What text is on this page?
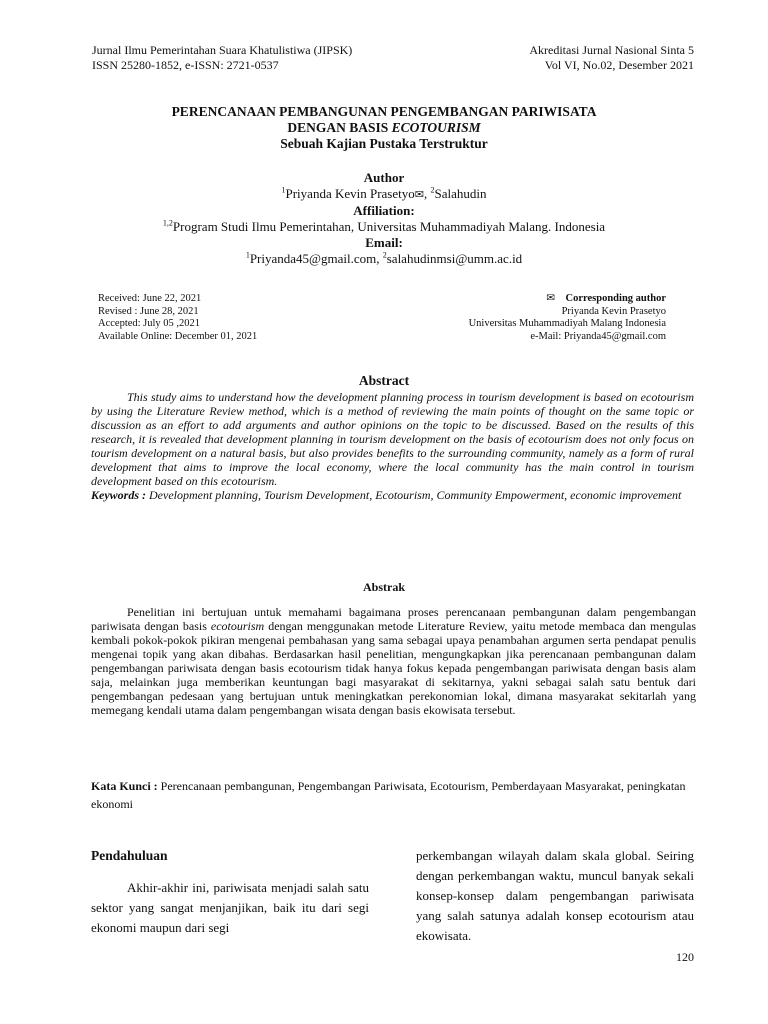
Jurnal Ilmu Pemerintahan Suara Khatulistiwa (JIPSK)
ISSN 25280-1852, e-ISSN: 2721-0537
Akreditasi Jurnal Nasional Sinta 5
Vol VI, No.02, Desember 2021
PERENCANAAN PEMBANGUNAN PENGEMBANGAN PARIWISATA
DENGAN BASIS ECOTOURISM
Sebuah Kajian Pustaka Terstruktur
Author
$^1$Priyanda Kevin Prasetyo✉, $^2$Salahudin
Affiliation:
$^{1,2}$Program Studi Ilmu Pemerintahan, Universitas Muhammadiyah Malang. Indonesia
Email:
$^1$Priyanda45@gmail.com, $^2$salahudinmsi@umm.ac.id
Received: June 22, 2021
Revised : June 28, 2021
Accepted: July 05 ,2021
Available Online: December 01, 2021
✉ Corresponding author
Priyanda Kevin Prasetyo
Universitas Muhammadiyah Malang Indonesia
e-Mail: Priyanda45@gmail.com
Abstract

This study aims to understand how the development planning process in tourism development is based on ecotourism by using the Literature Review method, which is a method of reviewing the main points of thought on the same topic or discussion as an effort to add arguments and author opinions on the topic to be discussed. Based on the results of this research, it is revealed that development planning in tourism development on the basis of ecotourism does not only focus on tourism development on a natural basis, but also provides benefits to the surrounding community, namely as a form of rural development that aims to improve the local economy, where the local community has the main control in tourism development based on this ecotourism.

Keywords : Development planning, Tourism Development, Ecotourism, Community Empowerment, economic improvement
Abstrak

Penelitian ini bertujuan untuk memahami bagaimana proses perencanaan pembangunan dalam pengembangan pariwisata dengan basis ecotourism dengan menggunakan metode Literature Review, yaitu metode membaca dan mengulas kembali pokok-pokok pikiran mengenai pembahasan yang sama sebagai upaya penambahan argumen serta pendapat penulis mengenai topik yang akan dibahas. Berdasarkan hasil penelitian, mengungkapkan jika perencanaan pembangunan dalam pengembangan pariwisata dengan basis ecotourism tidak hanya fokus kepada pengembangan pariwisata dengan basis alam saja, melainkan juga memberikan keuntungan bagi masyarakat di sekitarnya, yakni sebagai salah satu bentuk dari pengembangan pedesaan yang bertujuan untuk meningkatkan perekonomian lokal, dimana masyarakat sekitarlah yang memegang kendali utama dalam pengembangan wisata dengan basis ekowisata tersebut.

Kata Kunci : Perencanaan pembangunan, Pengembangan Pariwisata, Ecotourism, Pemberdayaan Masyarakat, peningkatan ekonomi
Pendahuluan

Akhir-akhir ini, pariwisata menjadi salah satu sektor yang sangat menjanjikan, baik itu dari segi ekonomi maupun dari segi

perkembangan wilayah dalam skala global. Seiring dengan perkembangan waktu, muncul banyak sekali konsep-konsep dalam pengembangan pariwisata yang salah satunya adalah konsep ecotourism atau ekowisata.

120
